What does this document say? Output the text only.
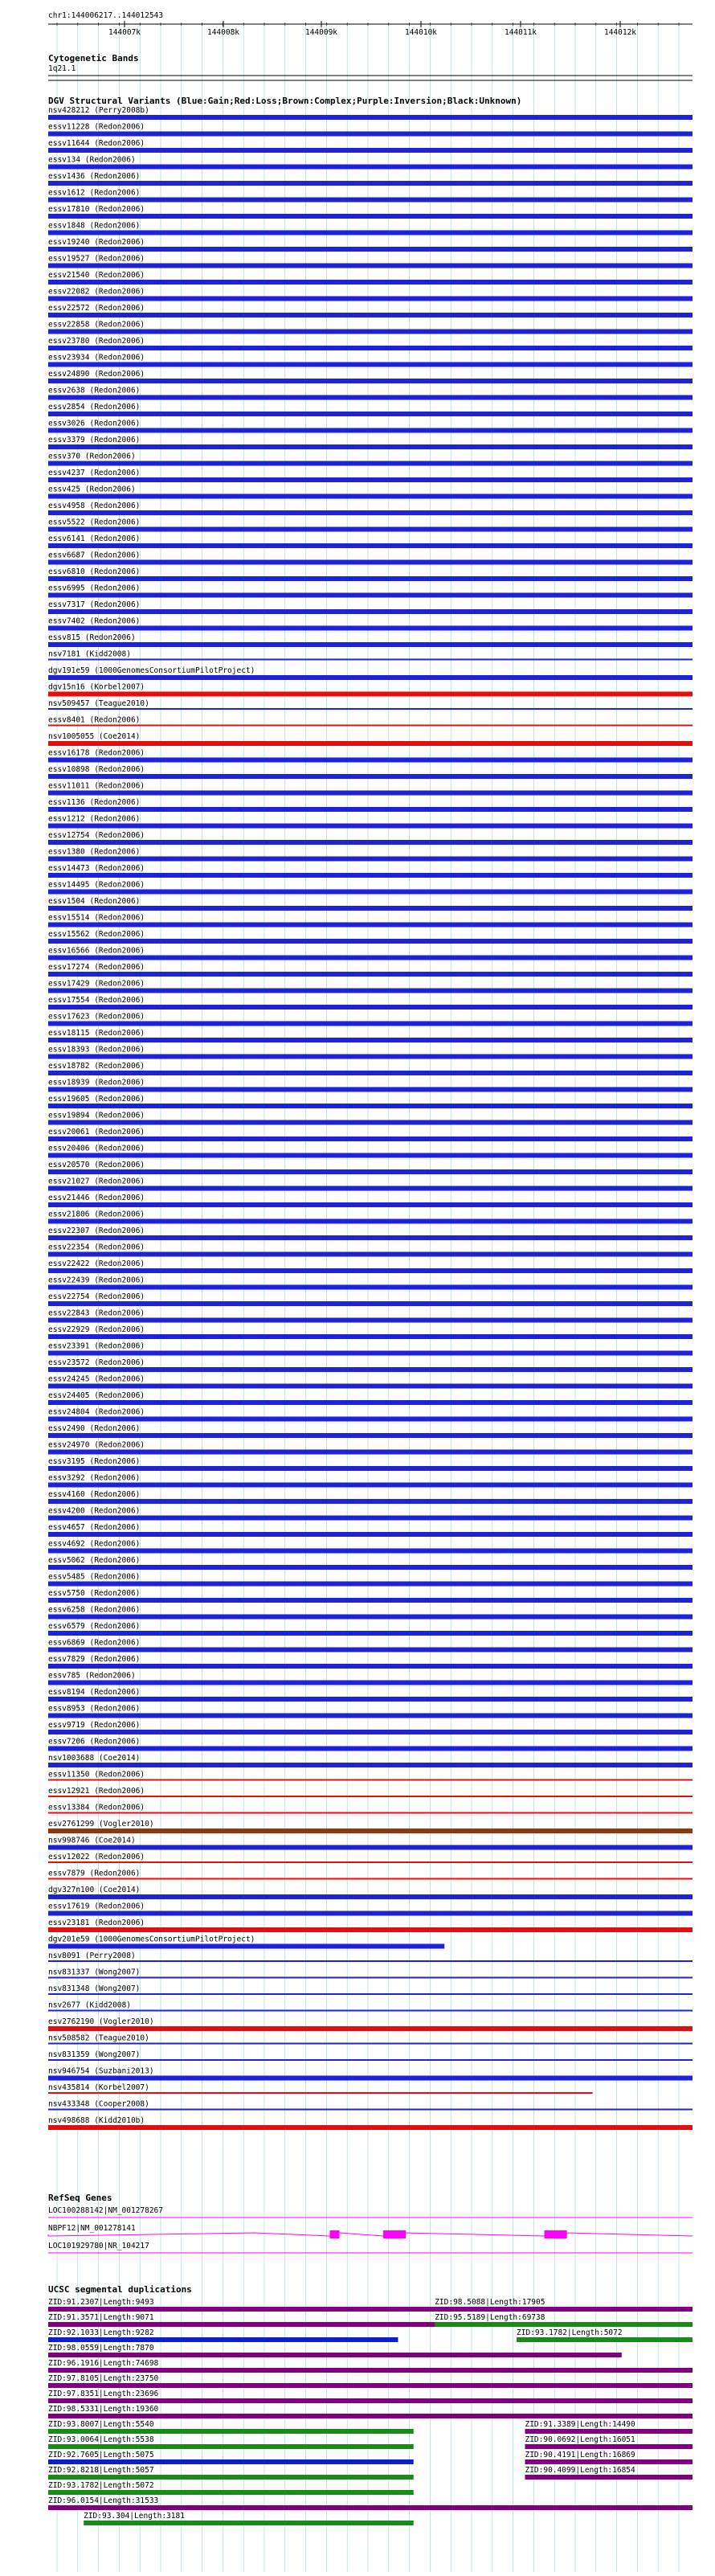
chr1:144006217..144012543
144007k	144008k	144009k	144010k	144011k	144012k
Cytogenetic Bands
1q21.1
DGV Structural Variants (Blue:Gain;Red:Loss;Brown:Complex;Purple:Inversion;Black:Unknown)
nsv428212 (Perry2008b)
essv11228 (Redon2006)
essv11644 (Redon2006)
essv134 (Redon2006)
essv1436 (Redon2006)
essv1612 (Redon2006)
essv17810 (Redon2006)
essv1848 (Redon2006)
essv19240 (Redon2006)
essv19527 (Redon2006)
essv21540 (Redon2006)
essv22082 (Redon2006)
essv22572 (Redon2006)
essv22858 (Redon2006)
essv23780 (Redon2006)
essv23934 (Redon2006)
essv24890 (Redon2006)
essv2638 (Redon2006)
essv2854 (Redon2006)
essv3026 (Redon2006)
essv3379 (Redon2006)
essv370 (Redon2006)
essv4237 (Redon2006)
essv425 (Redon2006)
essv4958 (Redon2006)
essv5522 (Redon2006)
essv6141 (Redon2006)
essv6687 (Redon2006)
essv6810 (Redon2006)
essv6995 (Redon2006)
essv7317 (Redon2006)
essv7402 (Redon2006)
essv815 (Redon2006)
nsv7181 (Kidd2008)
dgv191e59 (1000GenomesConsortiumPilotProject)
dgv15n16 (Korbel2007)
nsv509457 (Teague2010)
essv8401 (Redon2006)
nsv1005055 (Coe2014)
essv16178 (Redon2006)
essv10898 (Redon2006)
essv11011 (Redon2006)
essv1136 (Redon2006)
essv1212 (Redon2006)
essv12754 (Redon2006)
essv1380 (Redon2006)
essv14473 (Redon2006)
essv14495 (Redon2006)
essv1504 (Redon2006)
essv15514 (Redon2006)
essv15562 (Redon2006)
essv16566 (Redon2006)
essv17274 (Redon2006)
essv17429 (Redon2006)
essv17554 (Redon2006)
essv17623 (Redon2006)
essv18115 (Redon2006)
essv18393 (Redon2006)
essv18782 (Redon2006)
essv18939 (Redon2006)
essv19605 (Redon2006)
essv19894 (Redon2006)
essv20061 (Redon2006)
essv20406 (Redon2006)
essv20570 (Redon2006)
essv21027 (Redon2006)
essv21446 (Redon2006)
essv21806 (Redon2006)
essv22307 (Redon2006)
essv22354 (Redon2006)
essv22422 (Redon2006)
essv22439 (Redon2006)
essv22754 (Redon2006)
essv22843 (Redon2006)
essv22929 (Redon2006)
essv23391 (Redon2006)
essv23572 (Redon2006)
essv24245 (Redon2006)
essv24405 (Redon2006)
essv24804 (Redon2006)
essv2490 (Redon2006)
essv24970 (Redon2006)
essv3195 (Redon2006)
essv3292 (Redon2006)
essv4160 (Redon2006)
essv4200 (Redon2006)
essv4657 (Redon2006)
essv4692 (Redon2006)
essv5062 (Redon2006)
essv5485 (Redon2006)
essv5750 (Redon2006)
essv6258 (Redon2006)
essv6579 (Redon2006)
essv6869 (Redon2006)
essv7829 (Redon2006)
essv785 (Redon2006)
essv8194 (Redon2006)
essv8953 (Redon2006)
essv9719 (Redon2006)
essv7206 (Redon2006)
nsv1003688 (Coe2014)
essv11350 (Redon2006)
essv12921 (Redon2006)
essv13384 (Redon2006)
esv2761299 (Vogler2010)
nsv998746 (Coe2014)
essv12022 (Redon2006)
essv7879 (Redon2006)
dgv327n100 (Coe2014)
essv17619 (Redon2006)
essv23181 (Redon2006)
dgv201e59 (1000GenomesConsortiumPilotProject)
nsv8091 (Perry2008)
nsv831337 (Wong2007)
nsv831348 (Wong2007)
nsv2677 (Kidd2008)
esv2762190 (Vogler2010)
nsv508582 (Teague2010)
nsv831359 (Wong2007)
nsv946754 (Suzbani2013)
nsv435814 (Korbel2007)
nsv433348 (Cooper2008)
nsv498688 (Kidd2010b)
RefSeq Genes
LOC100288142|NM_001278267
NBPF12|NM_001278141
LOC101929780|NR_104217
UCSC segmental duplications
ZID:91.2307|Length:9493	ZID:98.5088|Length:17905
ZID:91.3571|Length:9071	ZID:95.5189|Length:69738
ZID:92.1033|Length:9282	ZID:93.1782|Length:5072
ZID:98.0559|Length:7870
ZID:96.1916|Length:74698
ZID:97.8105|Length:23750
ZID:97.8351|Length:23696
ZID:98.5331|Length:19360
ZID:93.8007|Length:5540	ZID:91.3389|Length:14490
ZID:93.0064|Length:5538	ZID:90.0692|Length:16051
ZID:92.7605|Length:5075	ZID:90.4191|Length:16869
ZID:92.8218|Length:5057	ZID:90.4099|Length:16854
ZID:93.1782|Length:5072
ZID:96.0154|Length:31533
ZID:93.304|Length:3181
